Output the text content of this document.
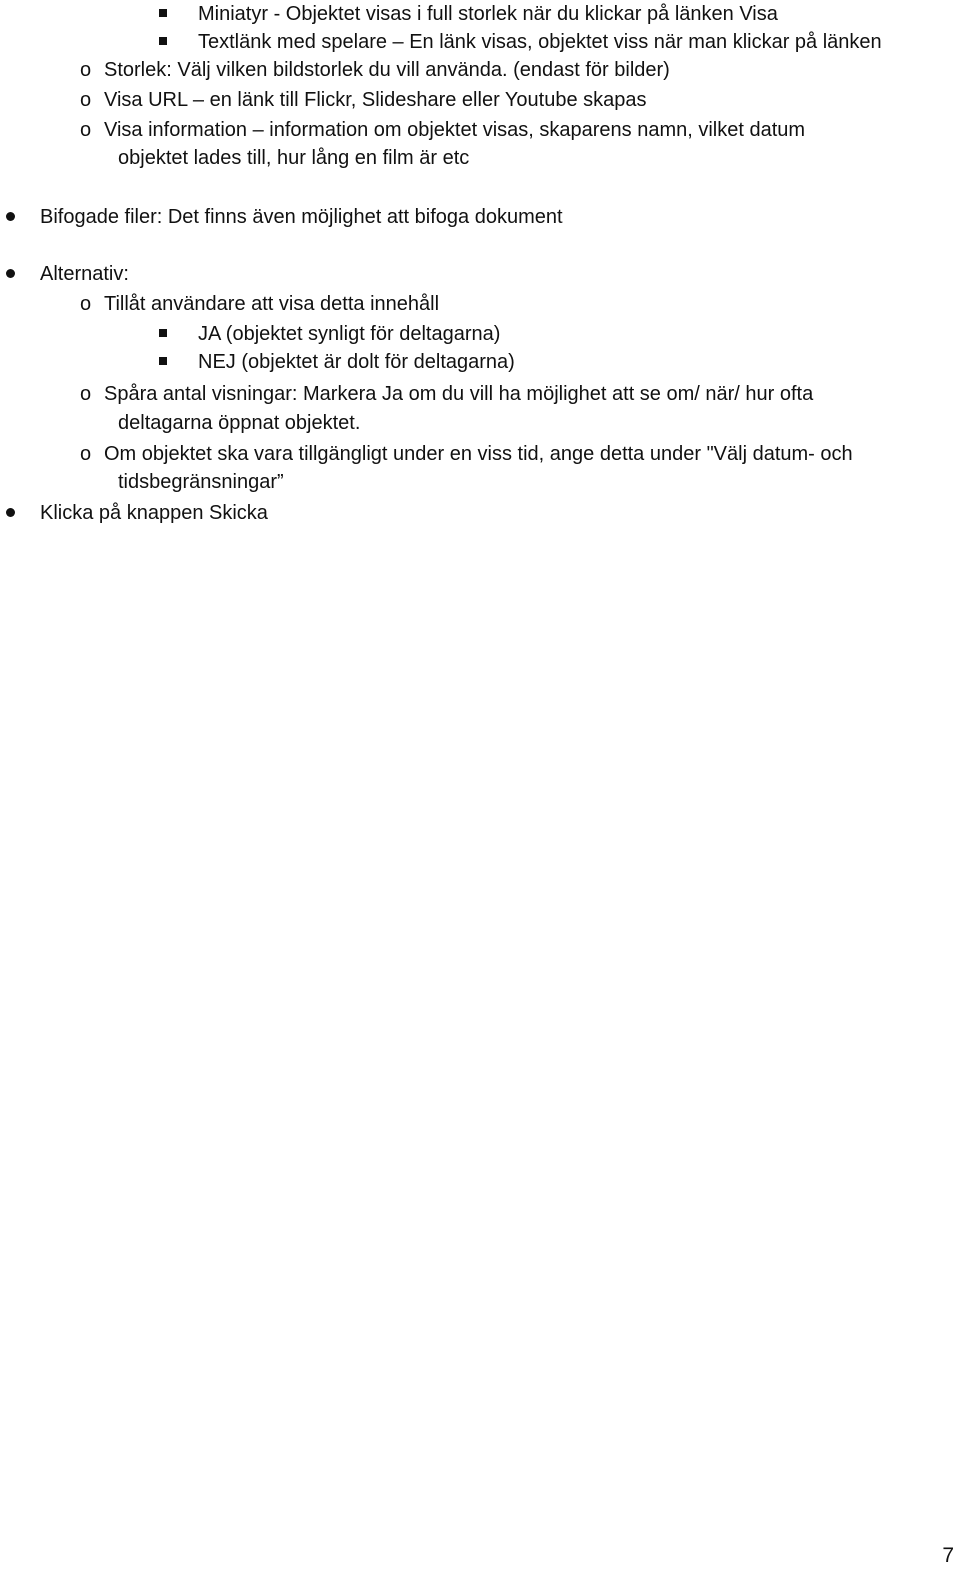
Miniatyr - Objektet visas i full storlek när du klickar på länken Visa
Textlänk med spelare – En länk visas, objektet viss när man klickar på länken
o Storlek: Välj vilken bildstorlek du vill använda. (endast för bilder)
o Visa URL – en länk till Flickr, Slideshare eller Youtube skapas
o Visa information – information om objektet visas, skaparens namn, vilket datum
objektet lades till, hur lång en film är etc
Bifogade filer: Det finns även möjlighet att bifoga dokument
Alternativ:
o Tillåt användare att visa detta innehåll
JA (objektet synligt för deltagarna)
NEJ (objektet är dolt för deltagarna)
o Spåra antal visningar: Markera Ja om du vill ha möjlighet att se om/ när/ hur ofta
deltagarna öppnat objektet.
o Om objektet ska vara tillgängligt under en viss tid, ange detta under "Välj datum- och
tidsbegränsningar”
Klicka på knappen Skicka
7
